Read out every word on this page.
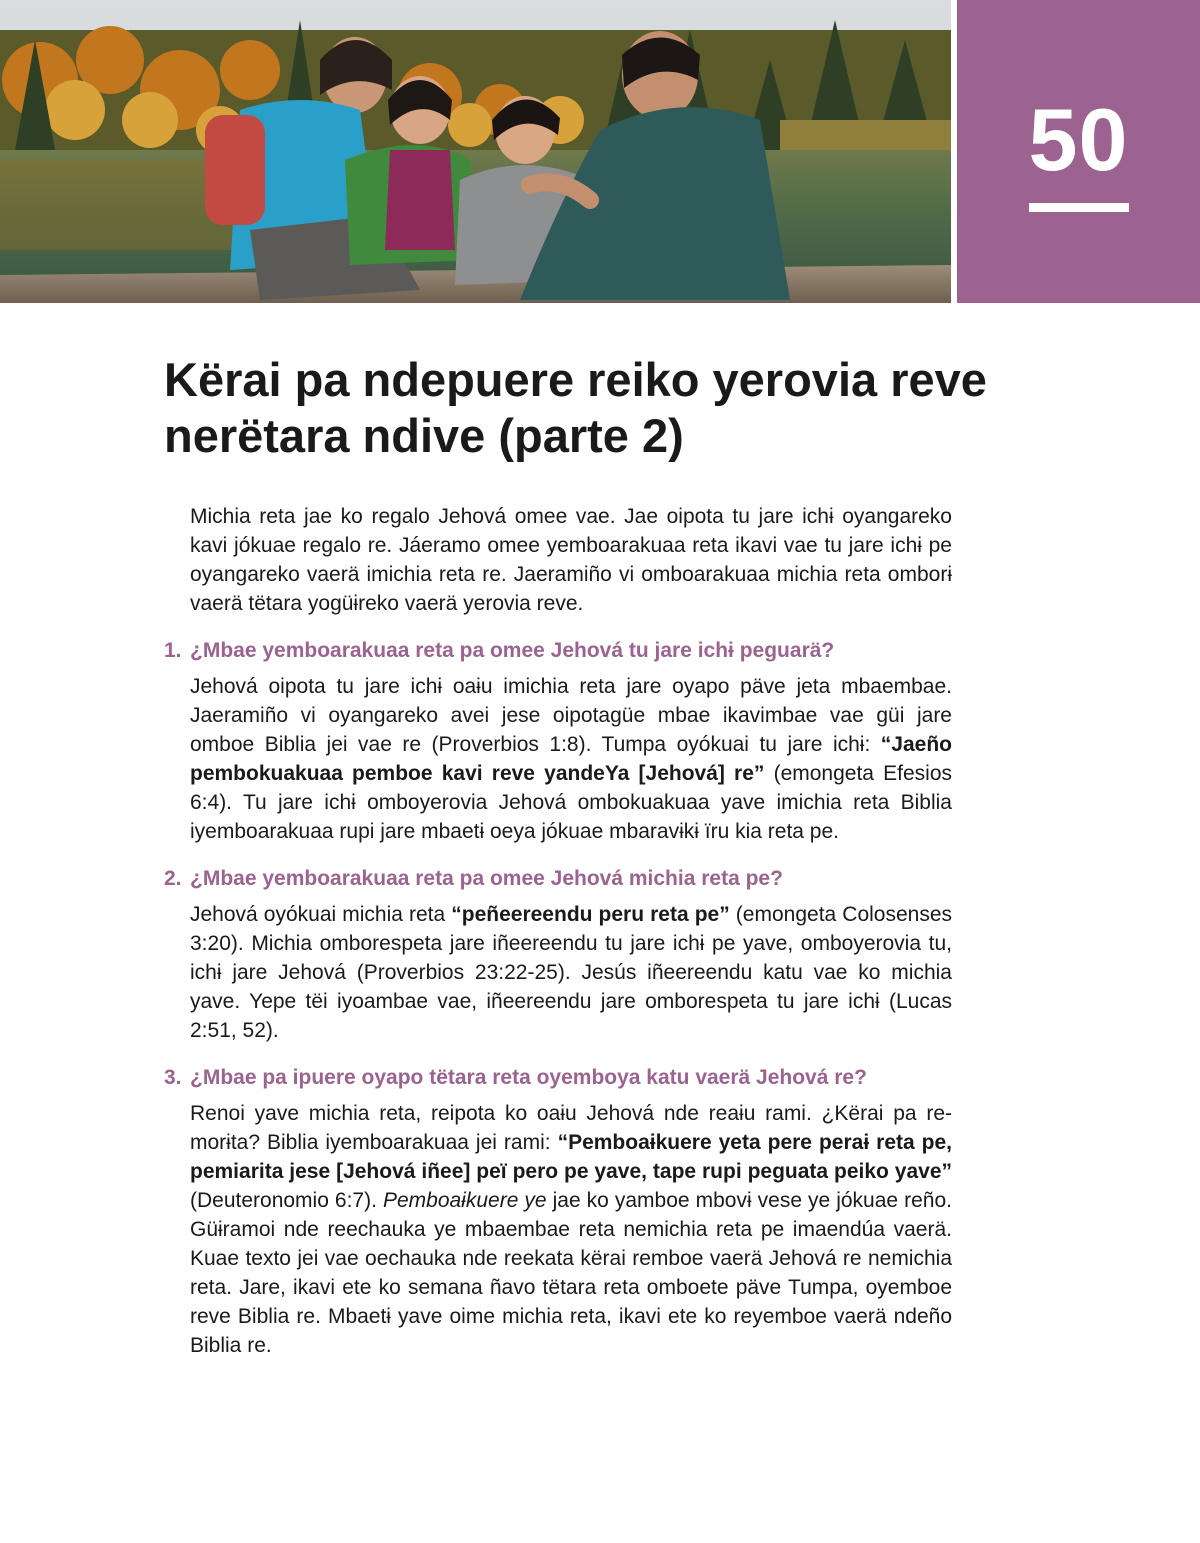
50
Kërai pa ndepuere reiko yerovia reve nerëtara ndive (parte 2)

Michia reta jae ko regalo Jehová omee vae. Jae oipota tu jare ichɨ oyangareko kavi jókuae regalo re. Jáeramo omee yemboarakuaa reta ikavi vae tu jare ichɨ pe oyangareko vaerä imichia reta re. Jaeramiño vi omboarakuaa michia reta omborɨ vaerä tëtara yogüɨreko vaerä yerovia reve.

1. ¿Mbae yemboarakuaa reta pa omee Jehová tu jare ichɨ peguarä?

Jehová oipota tu jare ichɨ oaɨu imichia reta jare oyapo päve jeta mbaembae. Jaeramiño vi oyangareko avei jese oipotagüe mbae ikavimbae vae güi jare omboe Biblia jei vae re (Proverbios 1:8). Tumpa oyókuai tu jare ichɨ: “Jaeño pembokuakuaa pemboe kavi reve yandeYa [Jehová] re” (emongeta Efesios 6:4). Tu jare ichɨ omboyerovia Jehová ombokuakuaa yave imichia reta Biblia iyemboarakuaa rupi jare mbaetɨ oeya jókuae mbaravɨkɨ ïru kia reta pe.

2. ¿Mbae yemboarakuaa reta pa omee Jehová michia reta pe?

Jehová oyókuai michia reta “peñeereendu peru reta pe” (emongeta Colosenses 3:20). Michia omborespeta jare iñeereendu tu jare ichɨ pe yave, omboyerovia tu, ichɨ jare Jehová (Proverbios 23:22-25). Jesús iñeereendu katu vae ko michia yave. Yepe tëi iyoambae vae, iñeereendu jare omborespeta tu jare ichɨ (Lucas 2:51, 52).

3. ¿Mbae pa ipuere oyapo tëtara reta oyemboya katu vaerä Jehová re?

Renoi yave michia reta, reipota ko oaɨu Jehová nde reaɨu rami. ¿Kërai pa remorɨta? Biblia iyemboarakuaa jei rami: “Pemboaɨkuere yeta pere peraɨ reta pe, pemiarita jese [Jehová iñee] peï pero pe yave, tape rupi peguata peiko yave” (Deuteronomio 6:7). Pemboaɨkuere ye jae ko yamboe mbovɨ vese ye jókuae reño. Güɨramoi nde reechauka ye mbaembae reta nemichia reta pe imaendúa vaerä. Kuae texto jei vae oechauka nde reekata kërai remboe vaerä Jehová re nemichia reta. Jare, ikavi ete ko semana ñavo tëtara reta omboete päve Tumpa, oyemboe reve Biblia re. Mbaetɨ yave oime michia reta, ikavi ete ko reyemboe vaerä ndeño Biblia re.
